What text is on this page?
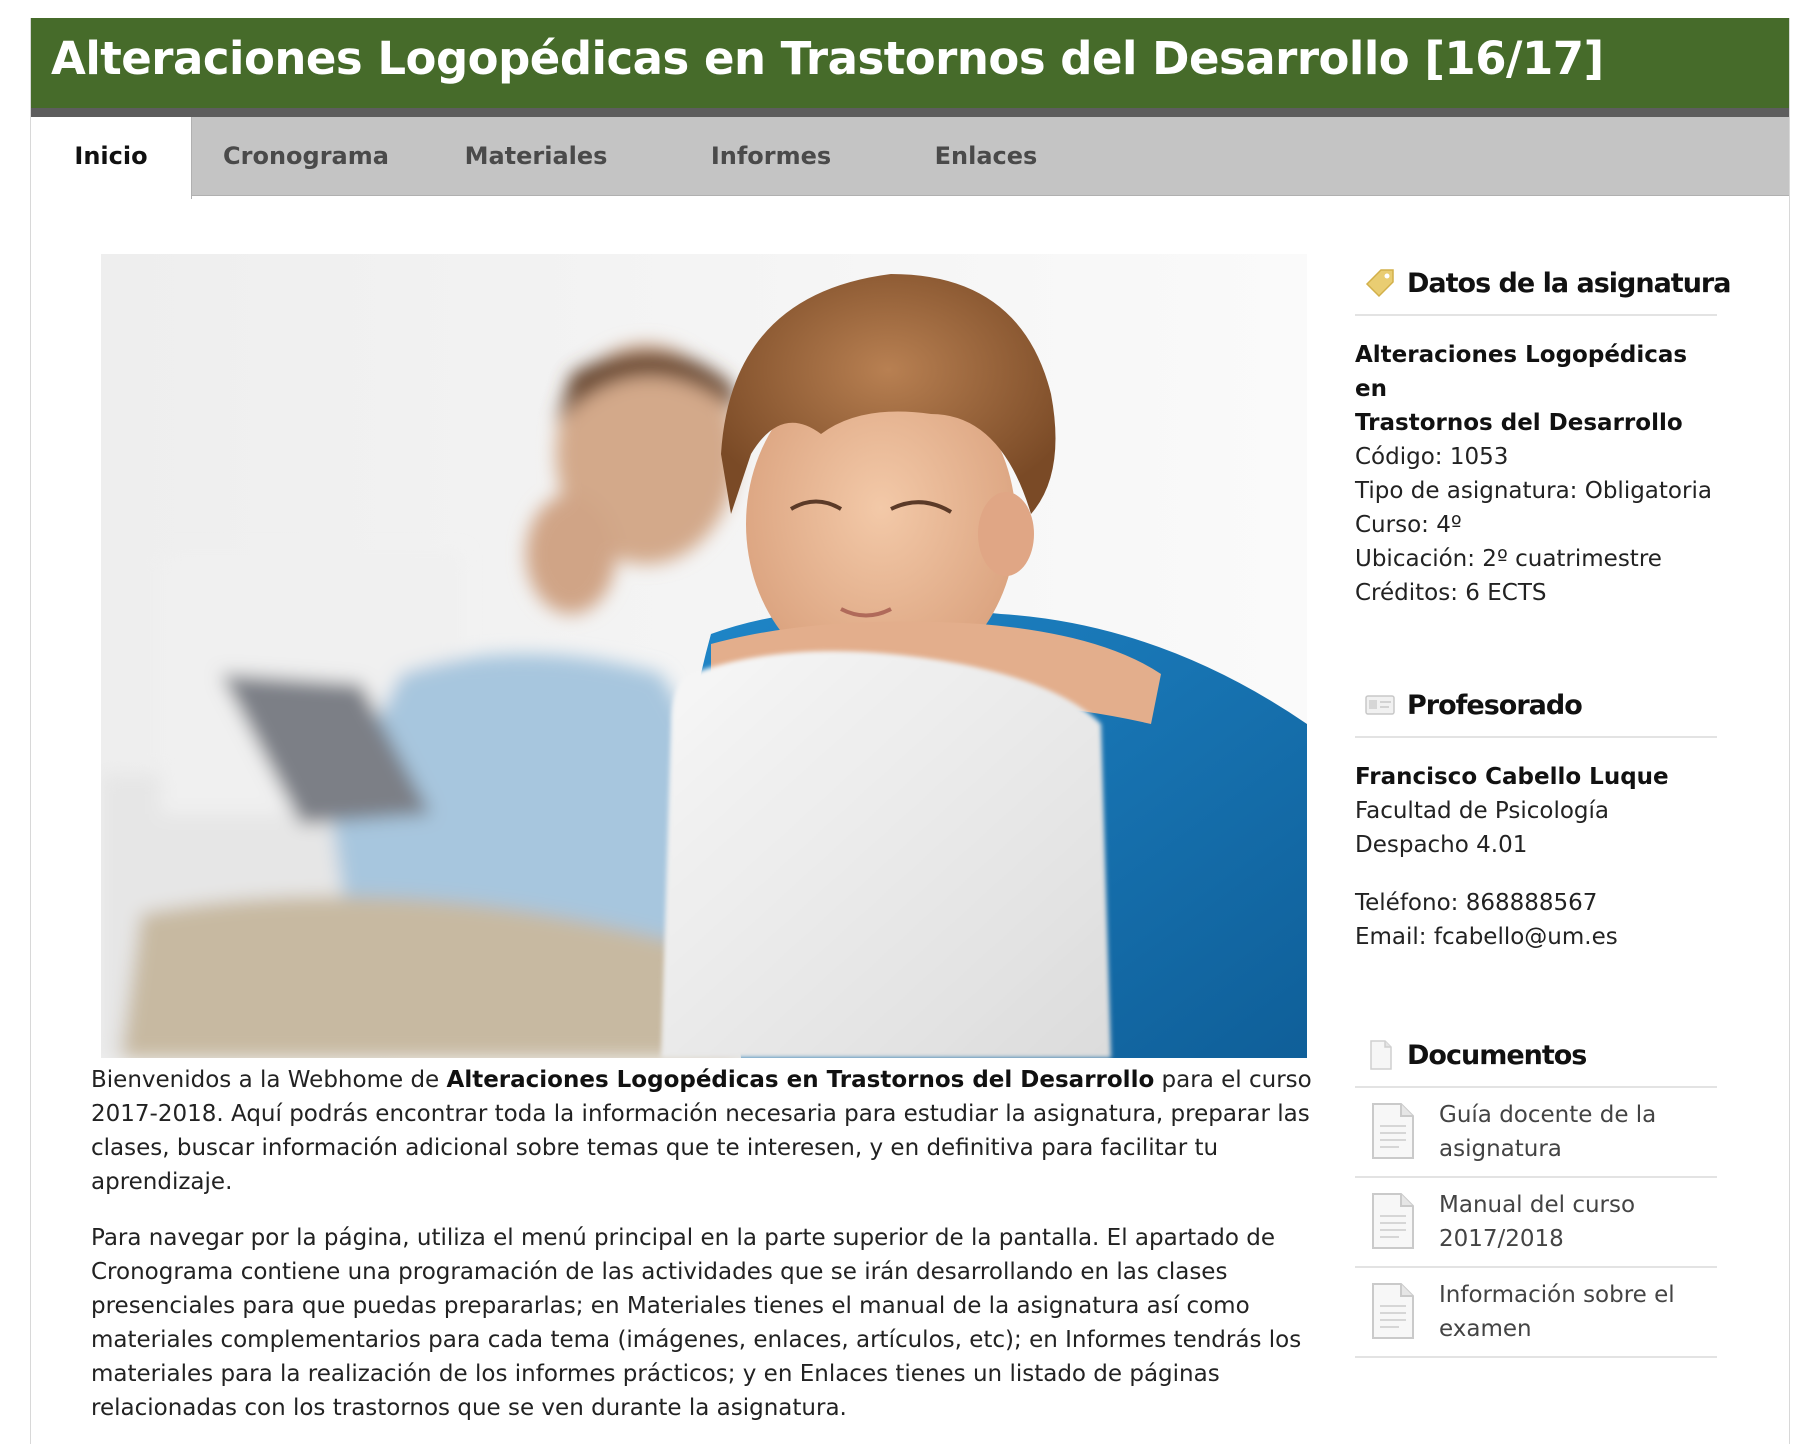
Alteraciones Logopédicas en Trastornos del Desarrollo [16/17]
Inicio	Cronograma	Materiales	Informes	Enlaces

Bienvenidos a la Webhome de Alteraciones Logopédicas en Trastornos del Desarrollo para el curso 2017-2018. Aquí podrás encontrar toda la información necesaria para estudiar la asignatura, preparar las clases, buscar información adicional sobre temas que te interesen, y en definitiva para facilitar tu aprendizaje.

Para navegar por la página, utiliza el menú principal en la parte superior de la pantalla. El apartado de Cronograma contiene una programación de las actividades que se irán desarrollando en las clases presenciales para que puedas prepararlas; en Materiales tienes el manual de la asignatura así como materiales complementarios para cada tema (imágenes, enlaces, artículos, etc); en Informes tendrás los materiales para la realización de los informes prácticos; y en Enlaces tienes un listado de páginas relacionadas con los trastornos que se ven durante la asignatura.

Datos de la asignatura
Alteraciones Logopédicas en
Trastornos del Desarrollo
Código: 1053
Tipo de asignatura: Obligatoria
Curso: 4º
Ubicación: 2º cuatrimestre
Créditos: 6 ECTS
Profesorado
Francisco Cabello Luque
Facultad de Psicología
Despacho 4.01
Teléfono: 868888567
Email: fcabello@um.es
Documentos
Guía docente de la asignatura
Manual del curso 2017/2018
Información sobre el examen
